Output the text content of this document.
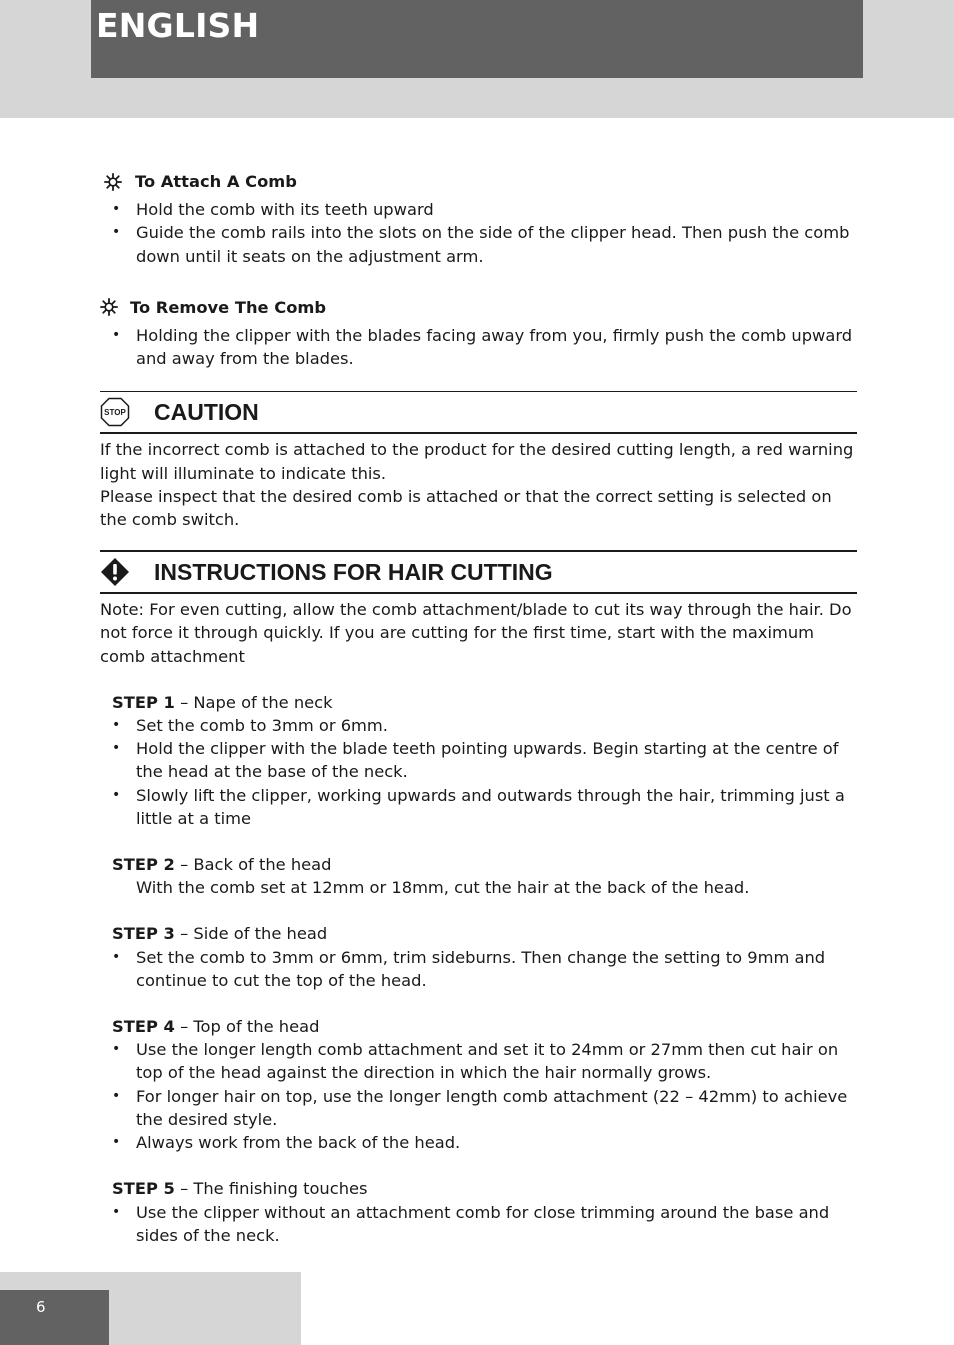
ENGLISH
To Attach A Comb
• Hold the comb with its teeth upward
• Guide the comb rails into the slots on the side of the clipper head. Then push the comb down until it seats on the adjustment arm.
To Remove The Comb
• Holding the clipper with the blades facing away from you, firmly push the comb upward and away from the blades.
STOP CAUTION

If the incorrect comb is attached to the product for the desired cutting length, a red warning light will illuminate to indicate this.

Please inspect that the desired comb is attached or that the correct setting is selected on the comb switch.

INSTRUCTIONS FOR HAIR CUTTING

Note: For even cutting, allow the comb attachment/blade to cut its way through the hair. Do not force it through quickly. If you are cutting for the first time, start with the maximum comb attachment

STEP 1 – Nape of the neck
• Set the comb to 3mm or 6mm.
• Hold the clipper with the blade teeth pointing upwards. Begin starting at the centre of the head at the base of the neck.
• Slowly lift the clipper, working upwards and outwards through the hair, trimming just a little at a time
STEP 2 – Back of the head
With the comb set at 12mm or 18mm, cut the hair at the back of the head.
STEP 3 – Side of the head
• Set the comb to 3mm or 6mm, trim sideburns. Then change the setting to 9mm and continue to cut the top of the head.
STEP 4 – Top of the head
• Use the longer length comb attachment and set it to 24mm or 27mm then cut hair on top of the head against the direction in which the hair normally grows.
• For longer hair on top, use the longer length comb attachment (22 – 42mm) to achieve the desired style.
• Always work from the back of the head.
STEP 5 – The finishing touches
• Use the clipper without an attachment comb for close trimming around the base and sides of the neck.
6
